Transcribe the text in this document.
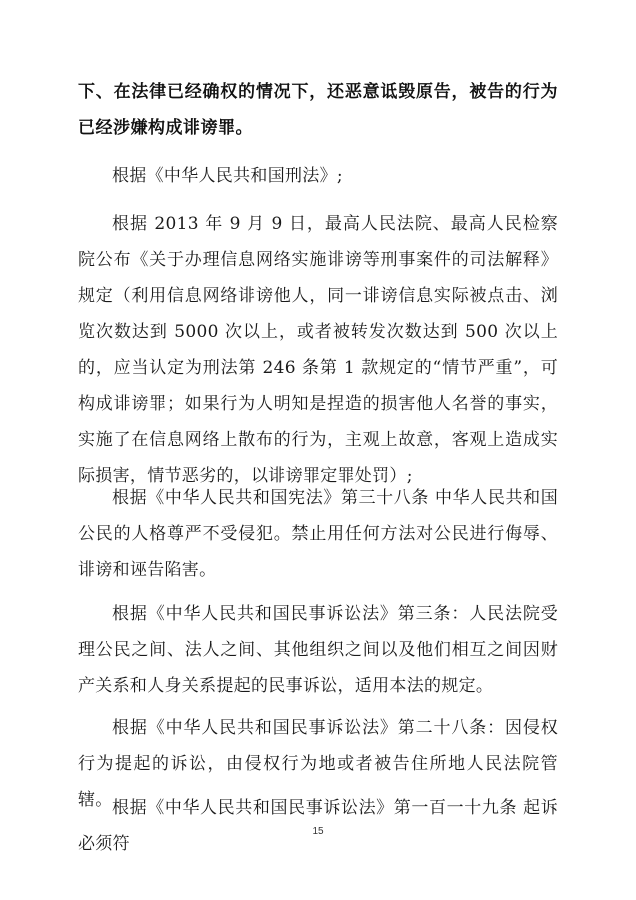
下、在法律已经确权的情况下，还恶意诋毁原告，被告的行为已经涉嫌构成诽谤罪。

根据《中华人民共和国刑法》;

根据 2013 年 9 月 9 日，最高人民法院、最高人民检察院公布《关于办理信息网络实施诽谤等刑事案件的司法解释》规定（利用信息网络诽谤他人，同一诽谤信息实际被点击、浏览次数达到 5000 次以上，或者被转发次数达到 500 次以上的，应当认定为刑法第 246 条第 1 款规定的“情节严重”，可构成诽谤罪；如果行为人明知是捏造的损害他人名誉的事实，实施了在信息网络上散布的行为，主观上故意，客观上造成实际损害，情节恶劣的，以诽谤罪定罪处罚）;

根据《中华人民共和国宪法》第三十八条 中华人民共和国公民的人格尊严不受侵犯。禁止用任何方法对公民进行侮辱、诽谤和诬告陷害。

根据《中华人民共和国民事诉讼法》第三条：人民法院受理公民之间、法人之间、其他组织之间以及他们相互之间因财产关系和人身关系提起的民事诉讼，适用本法的规定。

根据《中华人民共和国民事诉讼法》第二十八条：因侵权行为提起的诉讼，由侵权行为地或者被告住所地人民法院管辖。 根据《中华人民共和国民事诉讼法》第一百一十九条 起诉必须符

15
